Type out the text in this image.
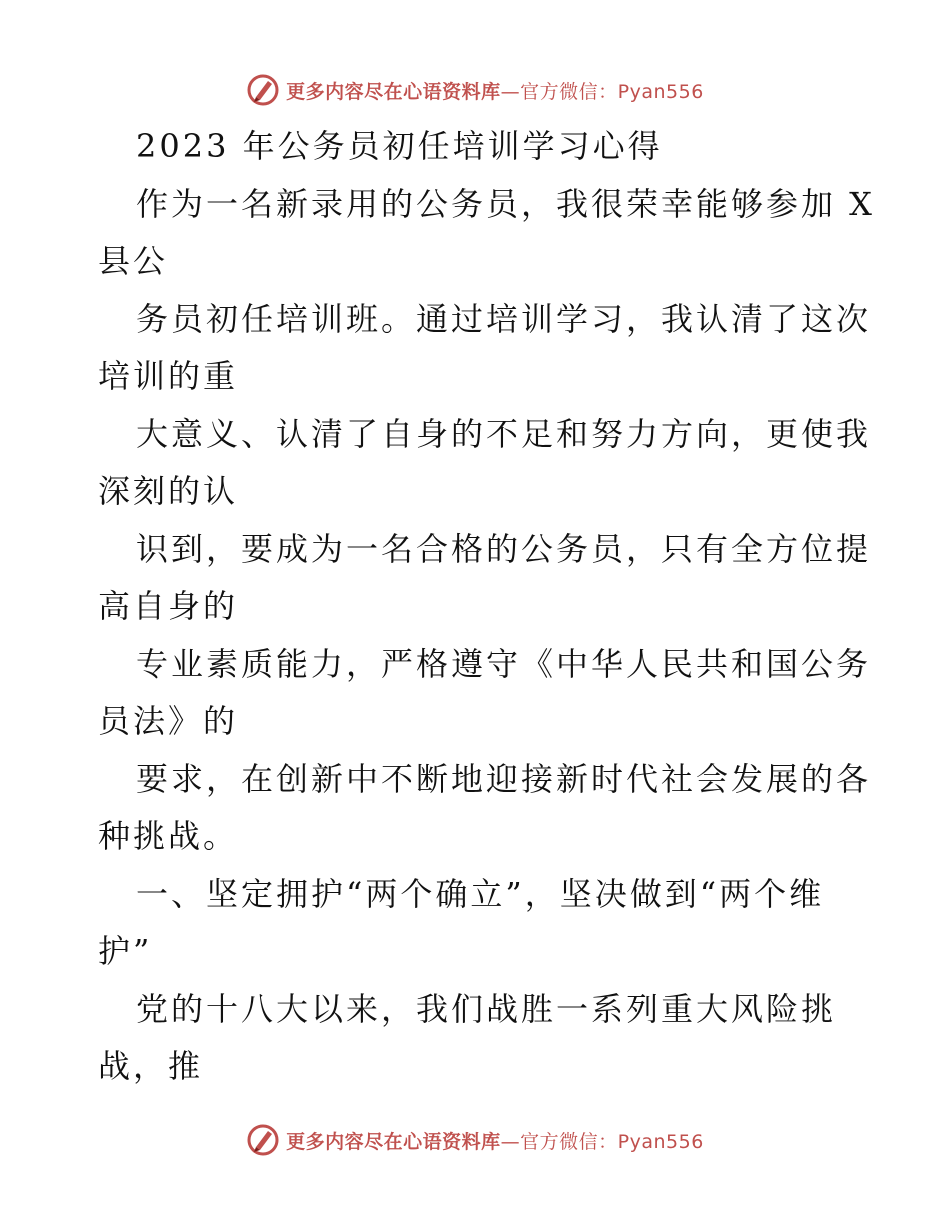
更多内容尽在心语资料库—官方微信：Pyan556
2023 年公务员初任培训学习心得
作为一名新录用的公务员，我很荣幸能够参加 X
县公
务员初任培训班。通过培训学习，我认清了这次
培训的重
大意义、认清了自身的不足和努力方向，更使我
深刻的认
识到，要成为一名合格的公务员，只有全方位提
高自身的
专业素质能力，严格遵守《中华人民共和国公务
员法》的
要求，在创新中不断地迎接新时代社会发展的各
种挑战。
一、坚定拥护“两个确立”，坚决做到“两个维
护”
党的十八大以来，我们战胜一系列重大风险挑
战，推
更多内容尽在心语资料库—官方微信：Pyan556
